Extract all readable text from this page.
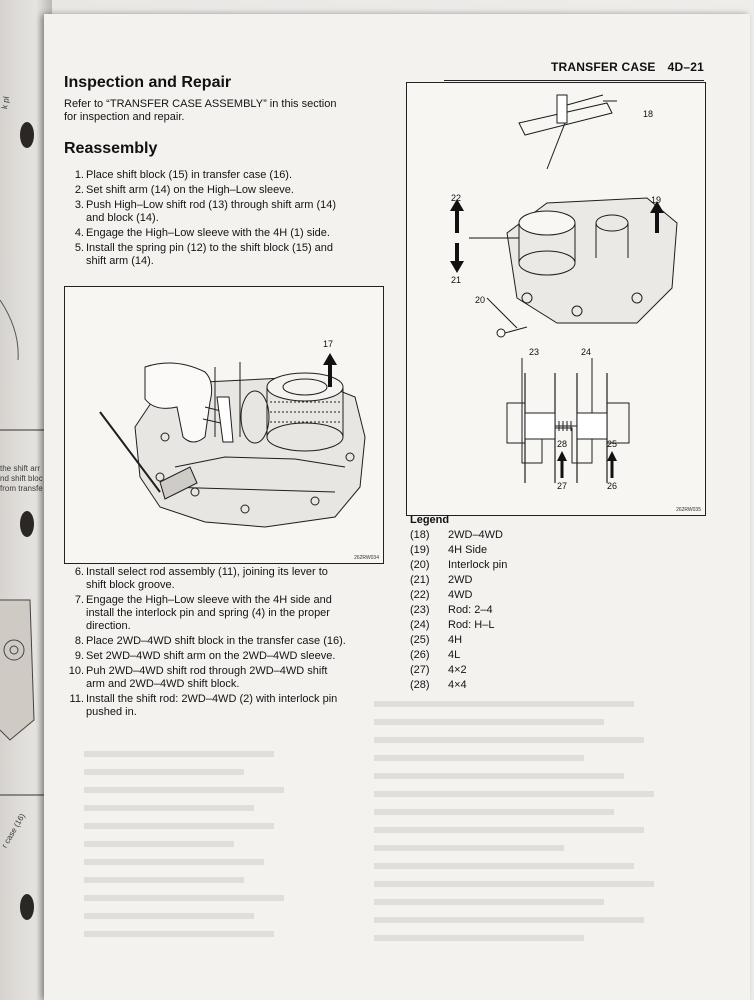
k pl
the shift arr
nd shift bloc
from transfe
r case (16)
TRANSFER CASE 4D–21
Inspection and Repair
Refer to “TRANSFER CASE ASSEMBLY” in this section
for inspection and repair.
Reassembly
1. Place shift block (15) in transfer case (16).
2. Set shift arm (14) on the High–Low sleeve.
3. Push High–Low shift rod (13) through shift arm (14)
and block (14).
4. Engage the High–Low sleeve with the 4H (1) side.
5. Install the spring pin (12) to the shift block (15) and
shift arm (14).
17
262RW034
6. Install select rod assembly (11), joining its lever to
shift block groove.
7. Engage the High–Low sleeve with the 4H side and
install the interlock pin and spring (4) in the proper
direction.
8. Place 2WD–4WD shift block in the transfer case (16).
9. Set 2WD–4WD shift arm on the 2WD–4WD sleeve.
10. Puh 2WD–4WD shift rod through 2WD–4WD shift
arm and 2WD–4WD shift block.
11. Install the shift rod: 2WD–4WD (2) with interlock pin
pushed in.
18
19
22
21
20
23	24
28	25
27	26
262RW035
Legend
(18) 2WD–4WD
(19) 4H Side
(20) Interlock pin
(21) 2WD
(22) 4WD
(23) Rod: 2–4
(24) Rod: H–L
(25) 4H
(26) 4L
(27) 4×2
(28) 4×4
